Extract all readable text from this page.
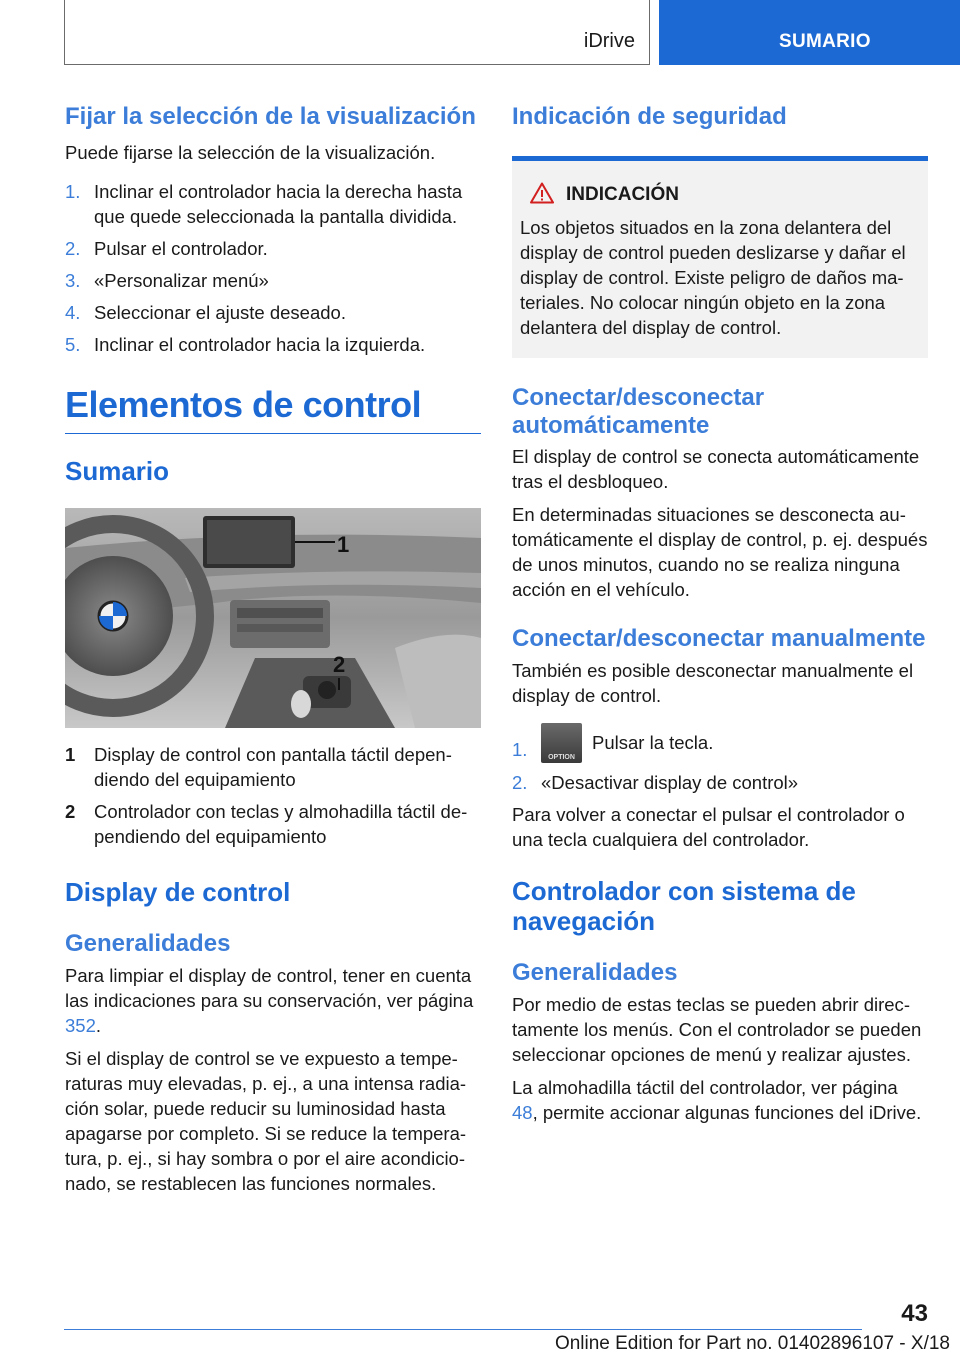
iDrive	SUMARIO
Fijar la selección de la visualización

Puede fijarse la selección de la visualización.

1. Inclinar el controlador hacia la derecha hasta que quede seleccionada la pantalla dividida.
2. Pulsar el controlador.
3. «Personalizar menú»
4. Seleccionar el ajuste deseado.
5. Inclinar el controlador hacia la izquierda.
Elementos de control
Sumario
1
2
1 Display de control con pantalla táctil dependiendo del equipamiento
2 Controlador con teclas y almohadilla táctil dependiendo del equipamiento
Display de control
Generalidades

Para limpiar el display de control, tener en cuenta las indicaciones para su conservación, ver página 352.

Si el display de control se ve expuesto a temperaturas muy elevadas, p. ej., a una intensa radiación solar, puede reducir su luminosidad hasta apagarse por completo. Si se reduce la temperatura, p. ej., si hay sombra o por el aire acondicionado, se restablecen las funciones normales.

Indicación de seguridad
INDICACIÓN

Los objetos situados en la zona delantera del display de control pueden deslizarse y dañar el display de control. Existe peligro de daños materiales. No colocar ningún objeto en la zona delantera del display de control.

Conectar/desconectar automáticamente

El display de control se conecta automáticamente tras el desbloqueo.

En determinadas situaciones se desconecta automáticamente el display de control, p. ej. después de unos minutos, cuando no se realiza ninguna acción en el vehículo.

Conectar/desconectar manualmente

También es posible desconectar manualmente el display de control.

1.	OPTION
Pulsar la tecla.
2. «Desactivar display de control»

Para volver a conectar el pulsar el controlador o una tecla cualquiera del controlador.

Controlador con sistema de navegación
Generalidades

Por medio de estas teclas se pueden abrir directamente los menús. Con el controlador se pueden seleccionar opciones de menú y realizar ajustes.

La almohadilla táctil del controlador, ver página 48, permite accionar algunas funciones del iDrive.

43
Online Edition for Part no. 01402896107 - X/18
